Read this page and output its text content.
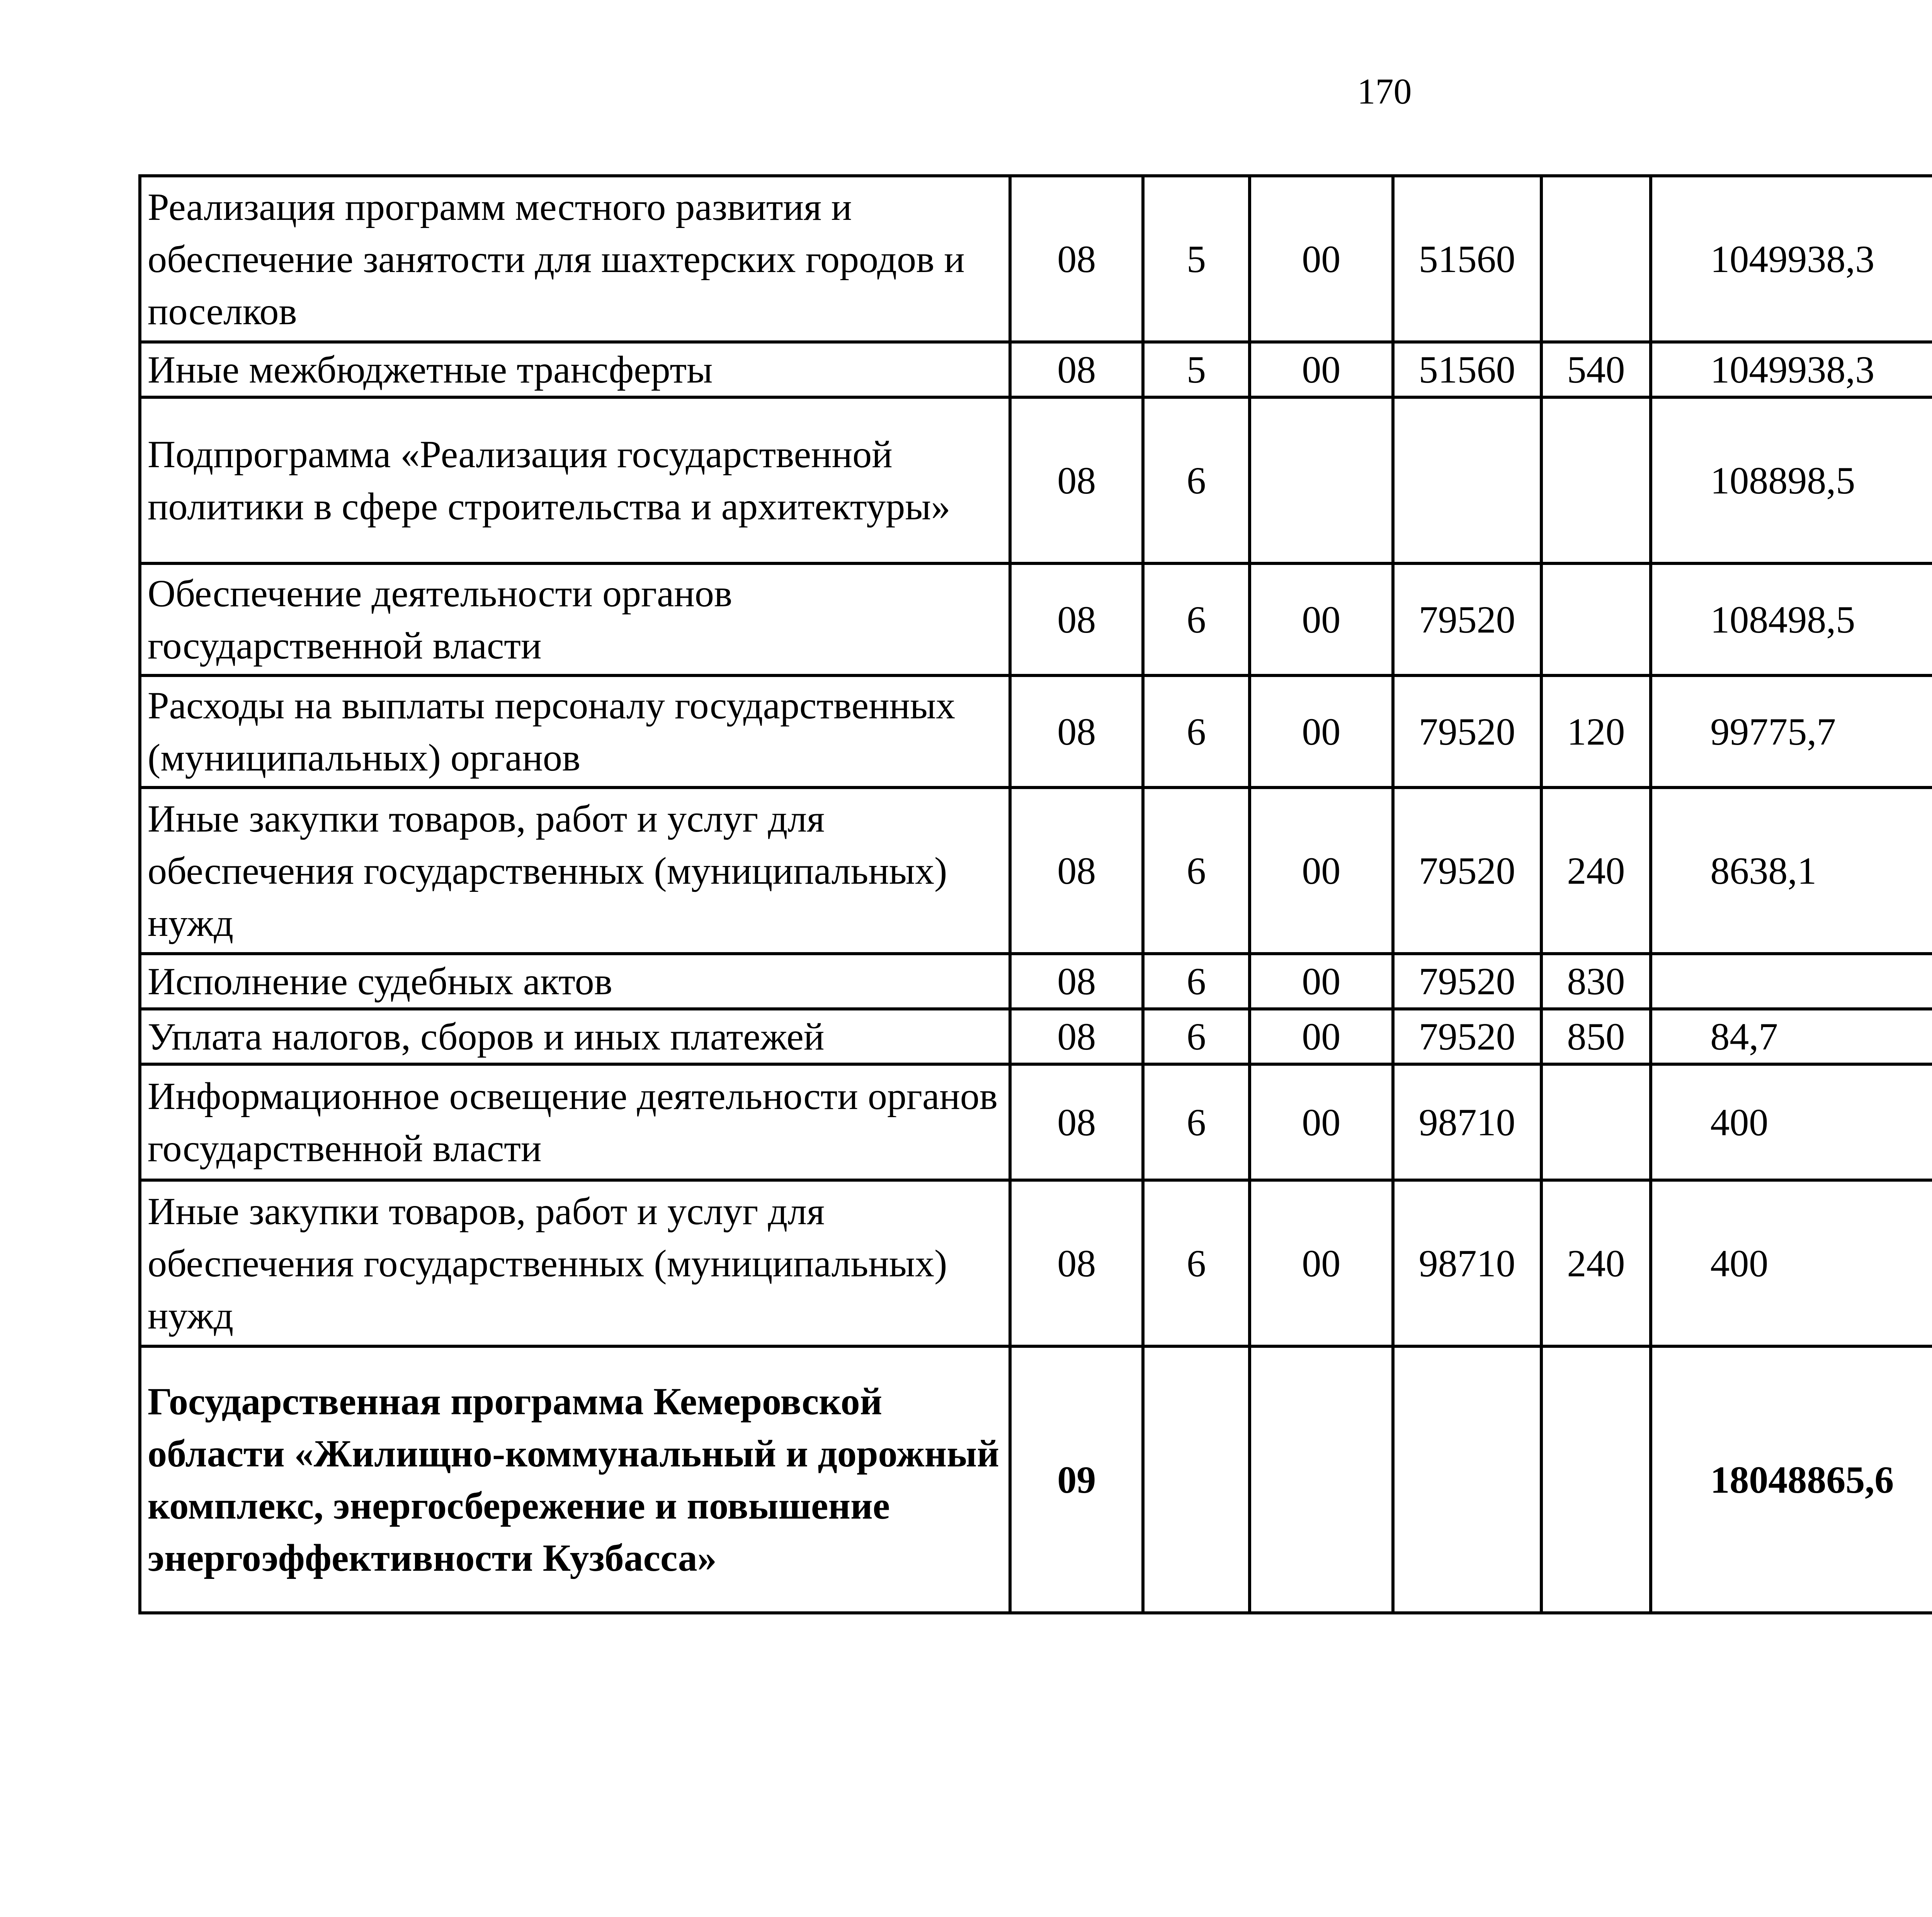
170
Реализация программ местного развития и обеспечение занятости для шахтерских городов и поселков	08	5	00	51560		1049938,3		
Иные межбюджетные трансферты	08	5	00	51560	540	1049938,3		
Подпрограмма «Реализация государственной политики в сфере строительства и архитектуры»	08	6				108898,5		
Обеспечение деятельности органов государственной власти	08	6	00	79520		108498,5		
Расходы на выплаты персоналу государственных (муниципальных) органов	08	6	00	79520	120	99775,7		
Иные закупки товаров, работ и услуг для обеспечения государственных (муниципальных) нужд	08	6	00	79520	240	8638,1		
Исполнение судебных актов	08	6	00	79520	830			
Уплата налогов, сборов и иных платежей	08	6	00	79520	850	84,7		
Информационное освещение деятельности органов государственной власти	08	6	00	98710		400		
Иные закупки товаров, работ и услуг для обеспечения государственных (муниципальных) нужд	08	6	00	98710	240	400		
Государственная программа Кемеровской области «Жилищно-коммунальный и дорожный комплекс, энергосбережение и повышение энергоэффективности Кузбасса»	09					18048865,6		
